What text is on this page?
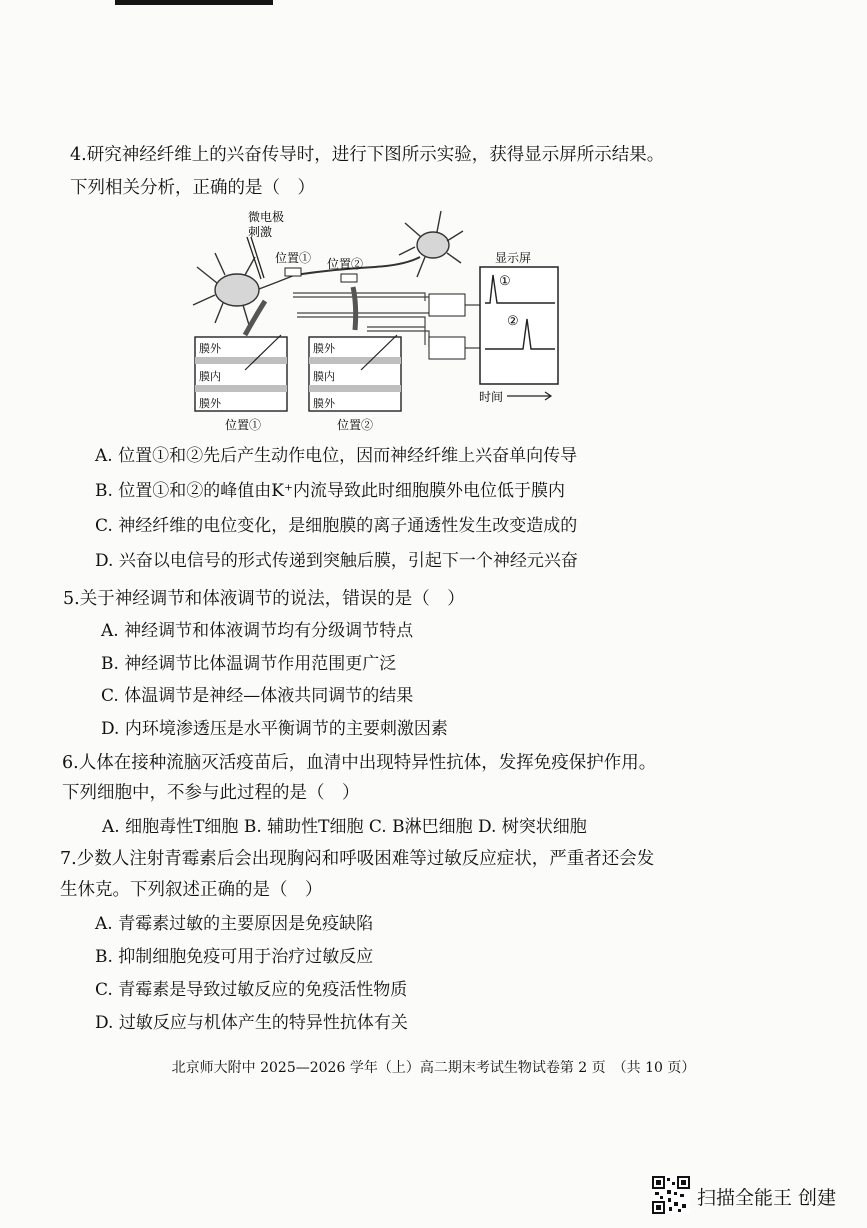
4.研究神经纤维上的兴奋传导时，进行下图所示实验，获得显示屏所示结果。
下列相关分析，正确的是（　）
微电极
刺激
位置① 位置②	显示屏
①
②
时间
膜外
膜内
膜外
膜外
膜内
膜外
位置①	位置②
A. 位置①和②先后产生动作电位，因而神经纤维上兴奋单向传导
B. 位置①和②的峰值由K⁺内流导致此时细胞膜外电位低于膜内
C. 神经纤维的电位变化，是细胞膜的离子通透性发生改变造成的
D. 兴奋以电信号的形式传递到突触后膜，引起下一个神经元兴奋
5.关于神经调节和体液调节的说法，错误的是（　）
A. 神经调节和体液调节均有分级调节特点
B. 神经调节比体温调节作用范围更广泛
C. 体温调节是神经—体液共同调节的结果
D. 内环境渗透压是水平衡调节的主要刺激因素
6.人体在接种流脑灭活疫苗后，血清中出现特异性抗体，发挥免疫保护作用。
下列细胞中，不参与此过程的是（　）
A. 细胞毒性T细胞 B. 辅助性T细胞 C. B淋巴细胞 D. 树突状细胞
7.少数人注射青霉素后会出现胸闷和呼吸困难等过敏反应症状，严重者还会发
生休克。下列叙述正确的是（　）
A. 青霉素过敏的主要原因是免疫缺陷
B. 抑制细胞免疫可用于治疗过敏反应
C. 青霉素是导致过敏反应的免疫活性物质
D. 过敏反应与机体产生的特异性抗体有关
北京师大附中 2025—2026 学年（上）高二期末考试生物试卷第 2 页　（共 10 页）
扫描全能王 创建
